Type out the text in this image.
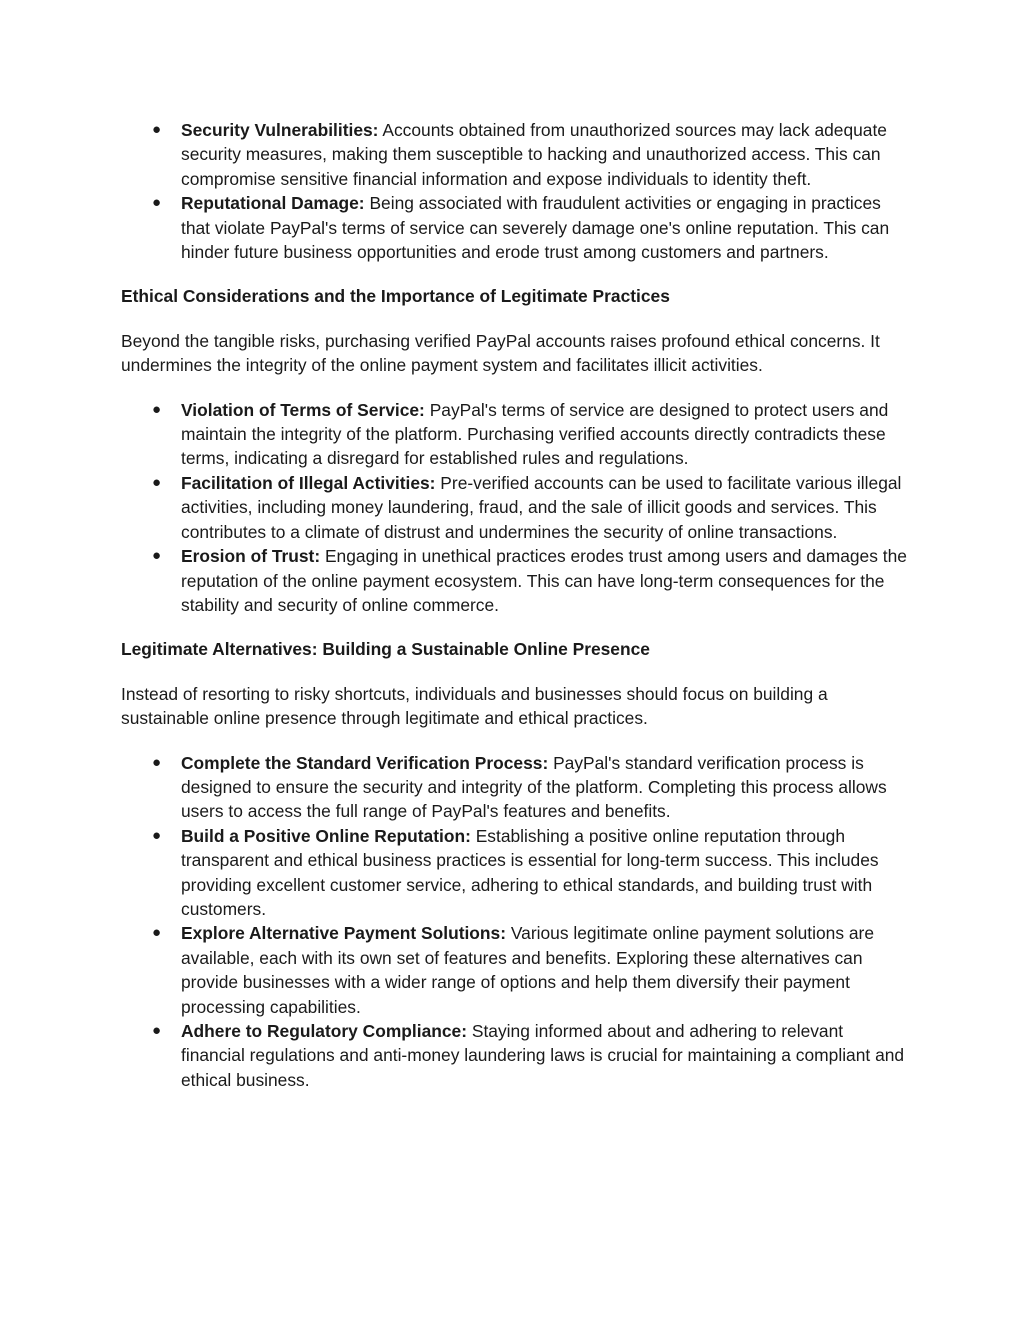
● Security Vulnerabilities: Accounts obtained from unauthorized sources may lack adequate security measures, making them susceptible to hacking and unauthorized access. This can compromise sensitive financial information and expose individuals to identity theft.
● Reputational Damage: Being associated with fraudulent activities or engaging in practices that violate PayPal's terms of service can severely damage one's online reputation. This can hinder future business opportunities and erode trust among customers and partners.
Ethical Considerations and the Importance of Legitimate Practices

Beyond the tangible risks, purchasing verified PayPal accounts raises profound ethical concerns. It undermines the integrity of the online payment system and facilitates illicit activities.

● Violation of Terms of Service: PayPal's terms of service are designed to protect users and maintain the integrity of the platform. Purchasing verified accounts directly contradicts these terms, indicating a disregard for established rules and regulations.
● Facilitation of Illegal Activities: Pre-verified accounts can be used to facilitate various illegal activities, including money laundering, fraud, and the sale of illicit goods and services. This contributes to a climate of distrust and undermines the security of online transactions.
● Erosion of Trust: Engaging in unethical practices erodes trust among users and damages the reputation of the online payment ecosystem. This can have long-term consequences for the stability and security of online commerce.
Legitimate Alternatives: Building a Sustainable Online Presence

Instead of resorting to risky shortcuts, individuals and businesses should focus on building a sustainable online presence through legitimate and ethical practices.

● Complete the Standard Verification Process: PayPal's standard verification process is designed to ensure the security and integrity of the platform. Completing this process allows users to access the full range of PayPal's features and benefits.
● Build a Positive Online Reputation: Establishing a positive online reputation through transparent and ethical business practices is essential for long-term success. This includes providing excellent customer service, adhering to ethical standards, and building trust with customers.
● Explore Alternative Payment Solutions: Various legitimate online payment solutions are available, each with its own set of features and benefits. Exploring these alternatives can provide businesses with a wider range of options and help them diversify their payment processing capabilities.
● Adhere to Regulatory Compliance: Staying informed about and adhering to relevant financial regulations and anti-money laundering laws is crucial for maintaining a compliant and ethical business.
